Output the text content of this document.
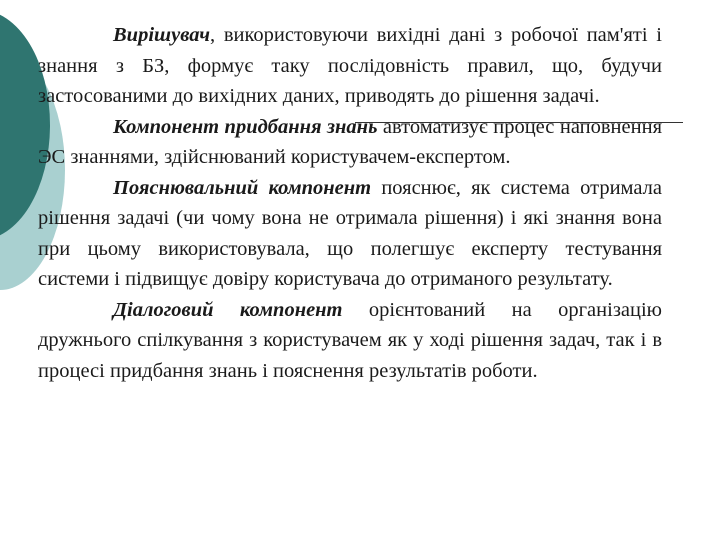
Вирішувач, використовуючи вихідні дані з робочої пам'яті і знання з БЗ, формує таку послідовність правил, що, будучи застосованими до вихідних даних, приводять до рішення задачі.

Компонент придбання знань автоматизує процес наповнення ЭС знаннями, здійснюваний користувачем-експертом.

Пояснювальний компонент пояснює, як система отримала рішення задачі (чи чому вона не отримала рішення) і які знання вона при цьому використовувала, що полегшує експерту тестування системи і підвищує довіру користувача до отриманого результату.

Діалоговий компонент орієнтований на організацію дружнього спілкування з користувачем як у ході рішення задач, так і в процесі придбання знань і пояснення результатів роботи.
